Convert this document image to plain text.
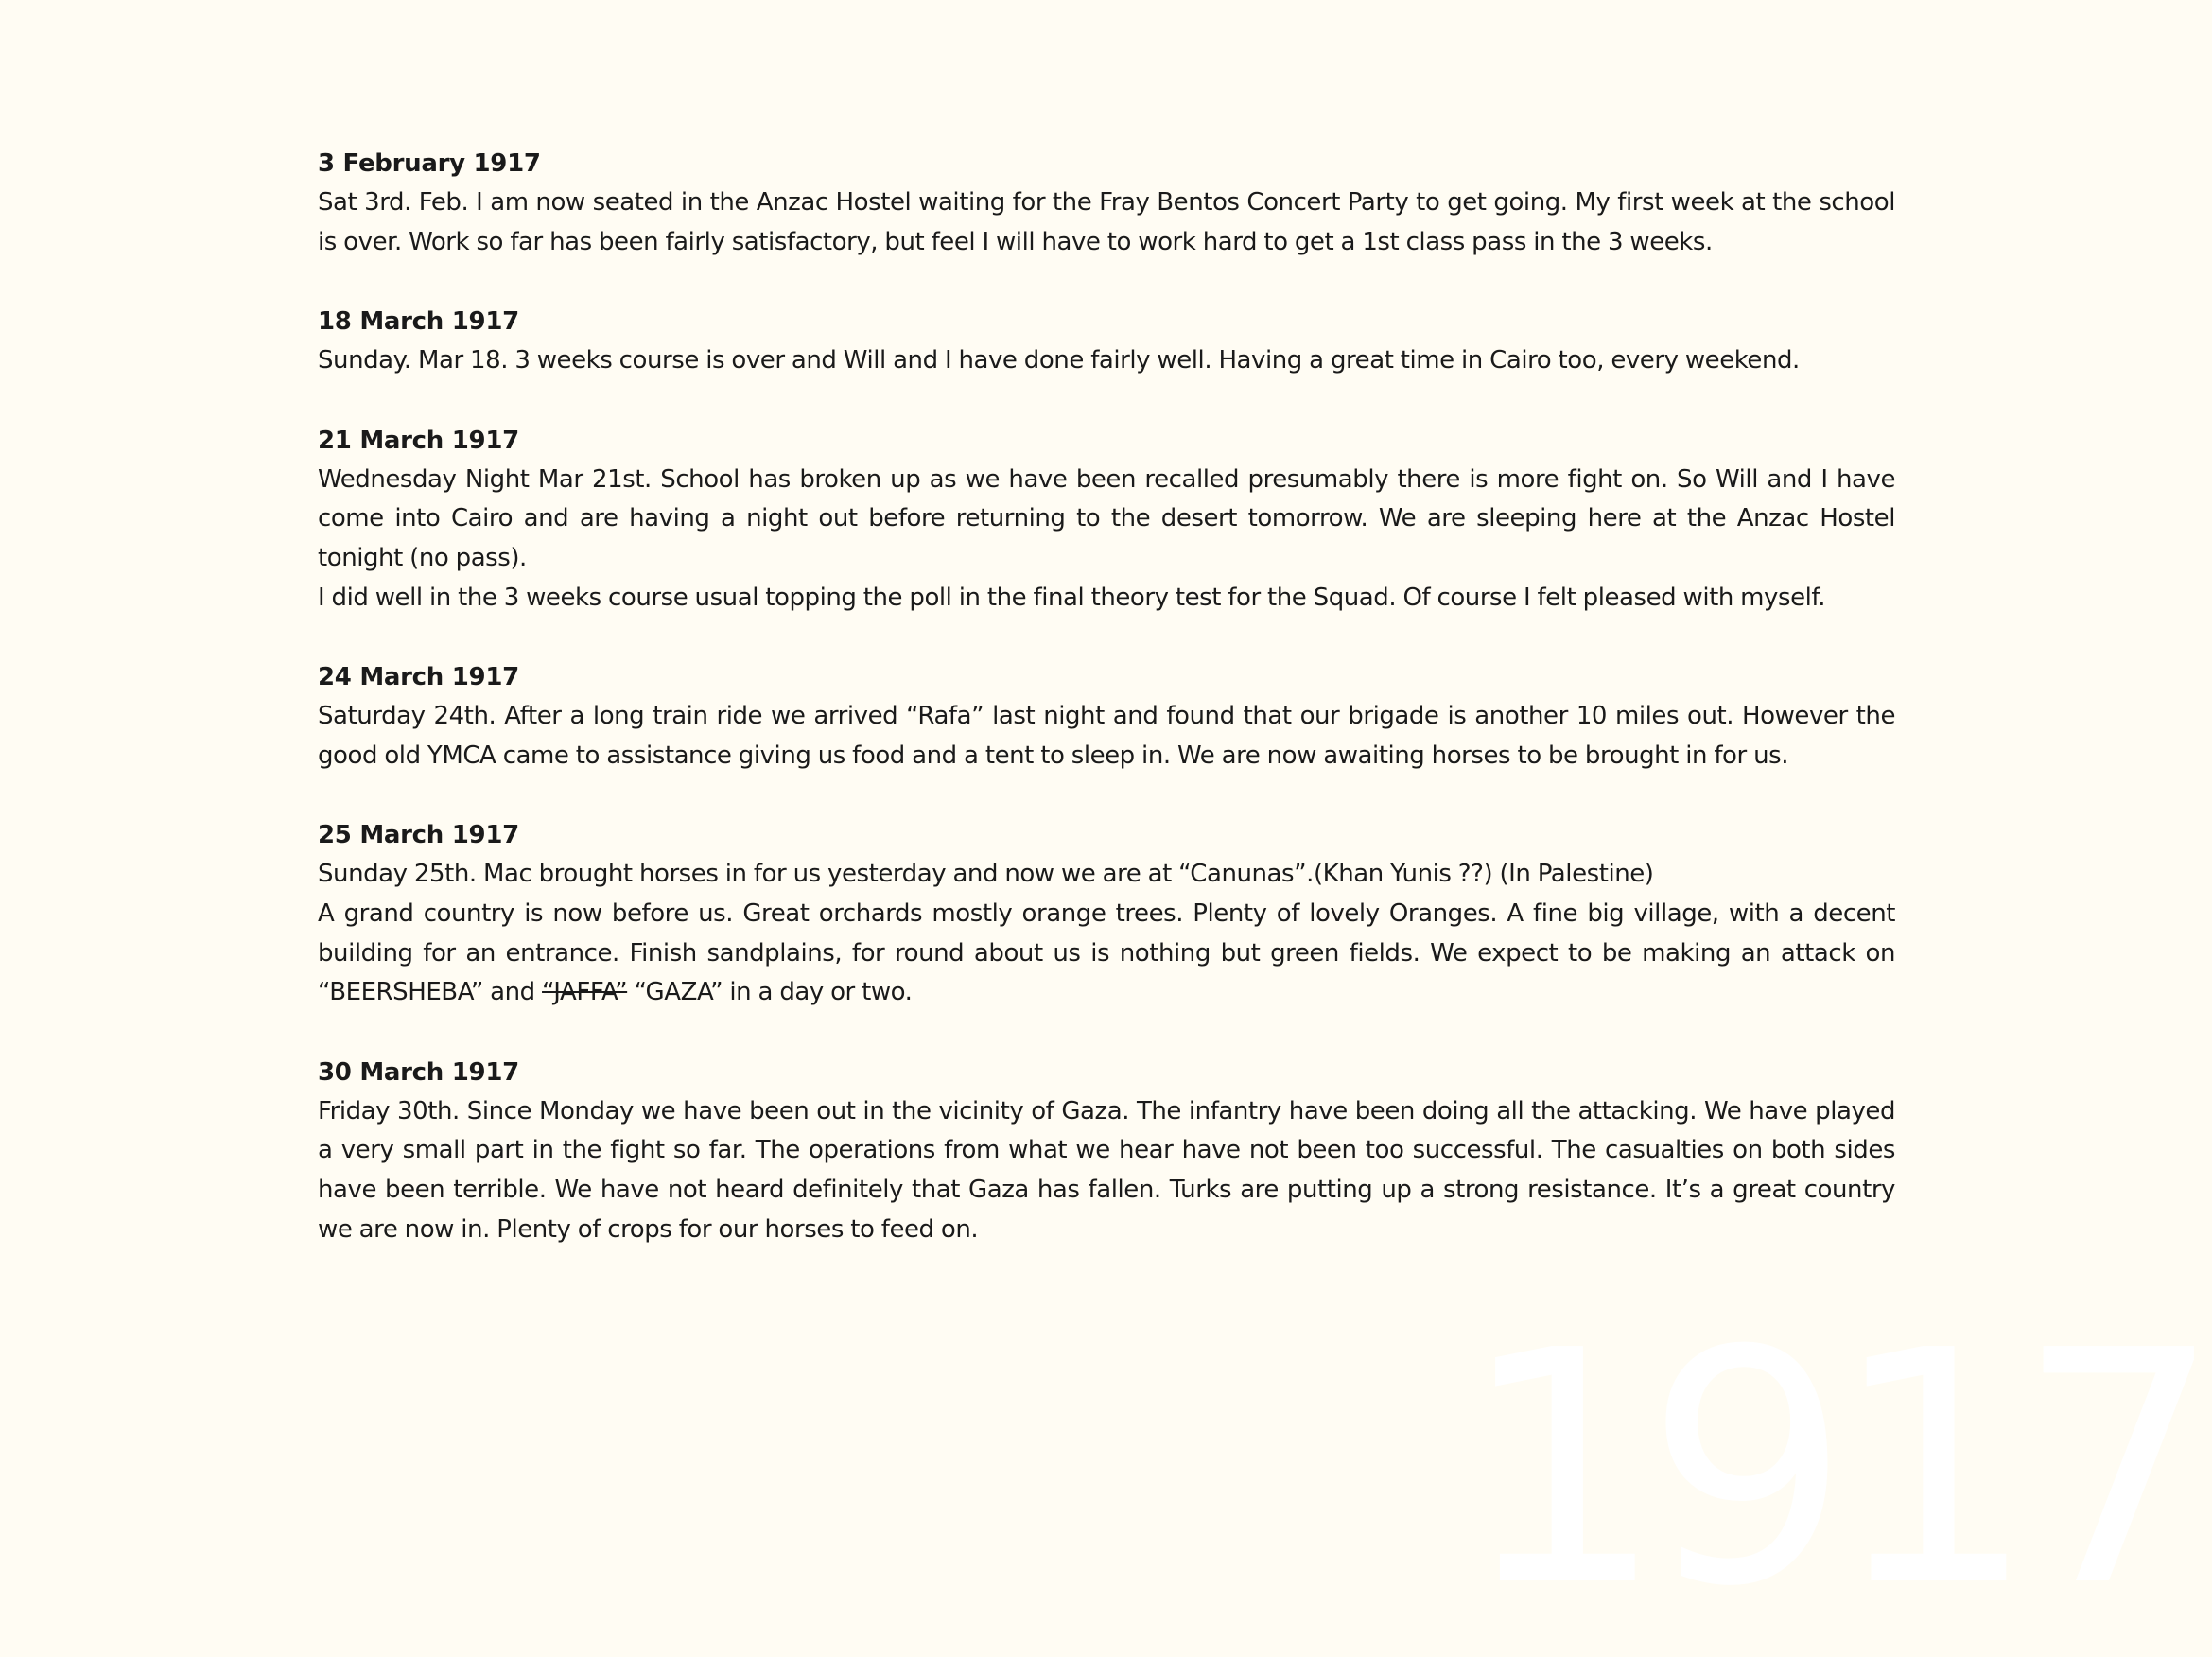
3 February 1917

Sat 3rd. Feb. I am now seated in the Anzac Hostel waiting for the Fray Bentos Concert Party to get going. My first week at the school is over. Work so far has been fairly satisfactory, but feel I will have to work hard to get a 1st class pass in the 3 weeks.

18 March 1917

Sunday. Mar 18. 3 weeks course is over and Will and I have done fairly well. Having a great time in Cairo too, every weekend.

21 March 1917

Wednesday Night Mar 21st. School has broken up as we have been recalled presumably there is more fight on. So Will and I have come into Cairo and are having a night out before returning to the desert tomorrow. We are sleeping here at the Anzac Hostel tonight (no pass).

I did well in the 3 weeks course usual topping the poll in the final theory test for the Squad. Of course I felt pleased with myself.

24 March 1917

Saturday 24th. After a long train ride we arrived “Rafa” last night and found that our brigade is another 10 miles out. However the good old YMCA came to assistance giving us food and a tent to sleep in. We are now awaiting horses to be brought in for us.

25 March 1917

Sunday 25th. Mac brought horses in for us yesterday and now we are at “Canunas”.(Khan Yunis ??) (In Palestine)

A grand country is now before us. Great orchards mostly orange trees. Plenty of lovely Oranges. A fine big village, with a decent building for an entrance. Finish sandplains, for round about us is nothing but green fields. We expect to be making an attack on “BEERSHEBA” and “JAFFA” “GAZA” in a day or two.

30 March 1917

Friday 30th. Since Monday we have been out in the vicinity of Gaza. The infantry have been doing all the attacking. We have played a very small part in the fight so far. The operations from what we hear have not been too successful. The casualties on both sides have been terrible. We have not heard definitely that Gaza has fallen. Turks are putting up a strong resistance. It’s a great country we are now in. Plenty of crops for our horses to feed on.

1917
